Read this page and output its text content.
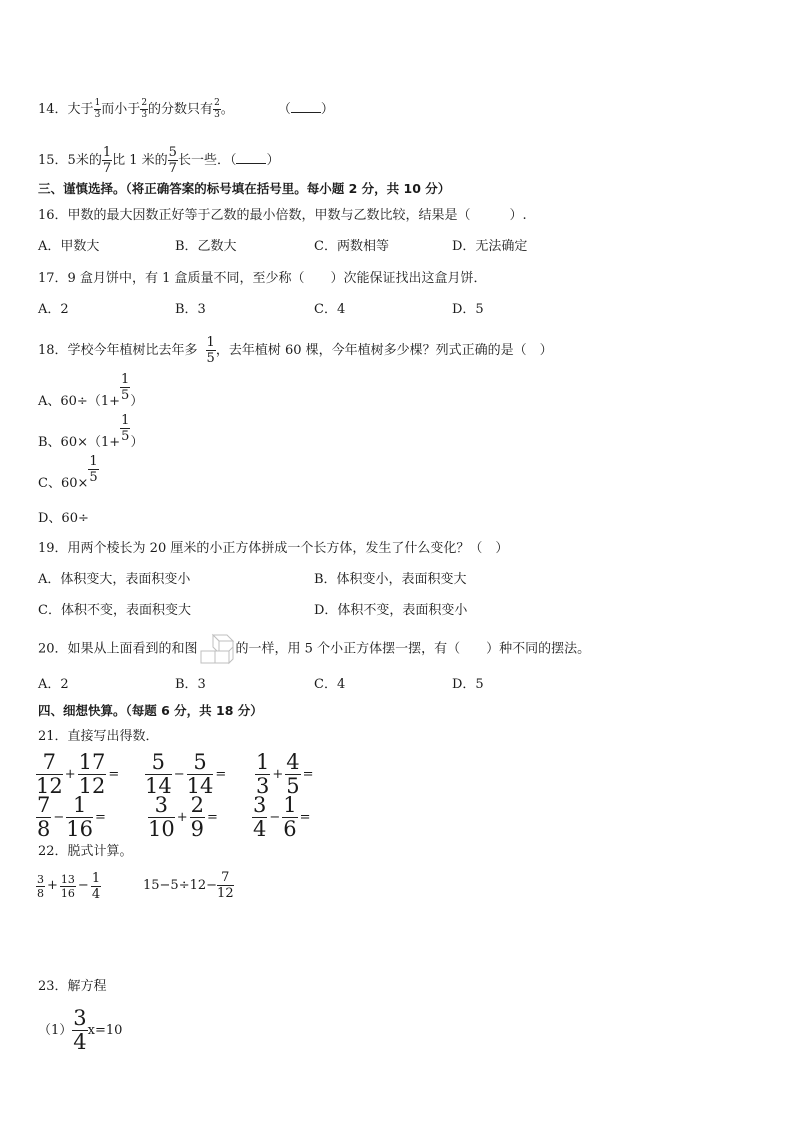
14．大于 $\frac{1}{3}$ 而小于 $\frac{2}{3}$ 的分数只有 $\frac{2}{3}$ 。	（ ）
15．5米的 $\frac{1}{7}$ 比 1 米的 $\frac{5}{7}$ 长一些．（ ）
三、谨慎选择。（将正确答案的标号填在括号里。每小题 2 分，共 10 分）
16．甲数的最大因数正好等于乙数的最小倍数，甲数与乙数比较，结果是（　　　）.
A．甲数大	B．乙数大	C．两数相等	D．无法确定
17．9 盒月饼中，有 1 盒质量不同，至少称（　　）次能保证找出这盒月饼．
A．2	B．3	C．4	D．5
18．学校今年植树比去年多 $\frac{1}{5}$ ，去年植树 60 棵，今年植树多少棵？列式正确的是（　）
A、$60\div(1+ \frac{1}{5}$ ）
B、$60\times(1+ \frac{1}{5}$ ）
C、$60\times \frac{1}{5}$
D、60÷
19．用两个棱长为 20 厘米的小正方体拼成一个长方体，发生了什么变化？（　）
A．体积变大，表面积变小	B．体积变小，表面积变大
C．体积不变，表面积变大	D．体积不变，表面积变小
20．如果从上面看到的和图	的一样，用 5 个小正方体摆一摆，有（　　）种不同的摆法。
A．2	B．3	C．4	D．5
四、细想快算。（每题 6 分，共 18 分）
21．直接写出得数．
$\frac{7}{12} + \frac{17}{12} = \frac{5}{14} - \frac{5}{14} = \frac{1}{3} + \frac{4}{5}$ =
$\frac{7}{8} - \frac{1}{16} = \frac{3}{10} + \frac{2}{9} = \frac{3}{4} - \frac{1}{6}$ =
22．脱式计算。
$\frac{3}{8} + \frac{13}{16} - \frac{1}{4}$	$15-5\div 12- \frac{7}{12}$
23．解方程
$(1) \frac{3}{4} x=10$
